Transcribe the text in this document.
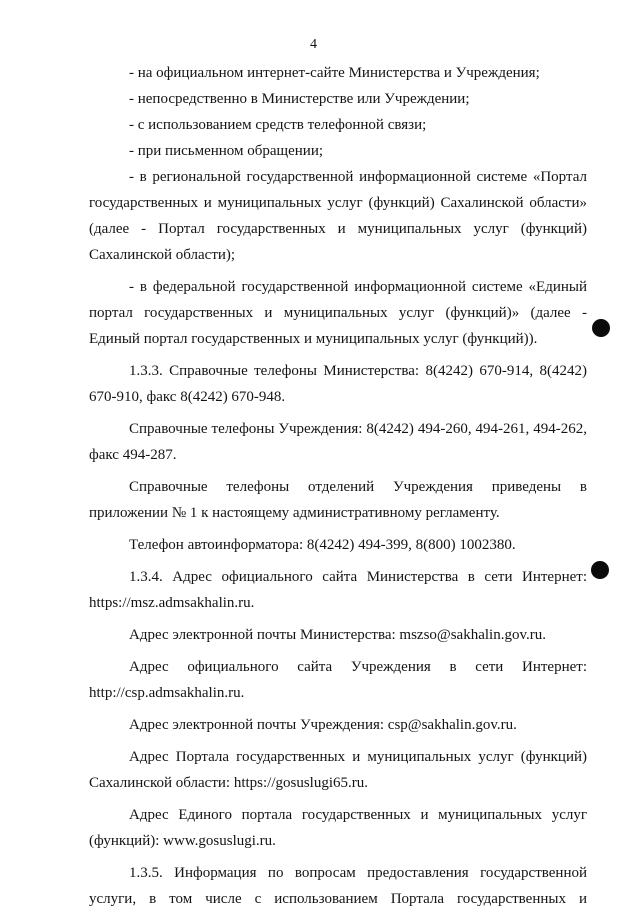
4

- на официальном интернет-сайте Министерства и Учреждения;

- непосредственно в Министерстве или Учреждении;

- с использованием средств телефонной связи;

- при письменном обращении;

- в региональной государственной информационной системе «Портал государственных и муниципальных услуг (функций) Сахалинской области» (далее - Портал государственных и муниципальных услуг (функций) Сахалинской области);

- в федеральной государственной информационной системе «Единый портал государственных и муниципальных услуг (функций)» (далее - Единый портал государственных и муниципальных услуг (функций)).

1.3.3. Справочные телефоны Министерства: 8(4242) 670-914, 8(4242) 670-910, факс 8(4242) 670-948.

Справочные телефоны Учреждения: 8(4242) 494-260, 494-261, 494-262, факс 494-287.

Справочные телефоны отделений Учреждения приведены в приложении № 1 к настоящему административному регламенту.

Телефон автоинформатора: 8(4242) 494-399, 8(800) 1002380.

1.3.4. Адрес официального сайта Министерства в сети Интернет: https://msz.admsakhalin.ru.

Адрес электронной почты Министерства: mszso@sakhalin.gov.ru.

Адрес официального сайта Учреждения в сети Интернет: http://csp.admsakhalin.ru.

Адрес электронной почты Учреждения: csp@sakhalin.gov.ru.

Адрес Портала государственных и муниципальных услуг (функций) Сахалинской области: https://gosuslugi65.ru.

Адрес Единого портала государственных и муниципальных услуг (функций): www.gosuslugi.ru.

1.3.5. Информация по вопросам предоставления государственной услуги, в том числе с использованием Портала государственных и
